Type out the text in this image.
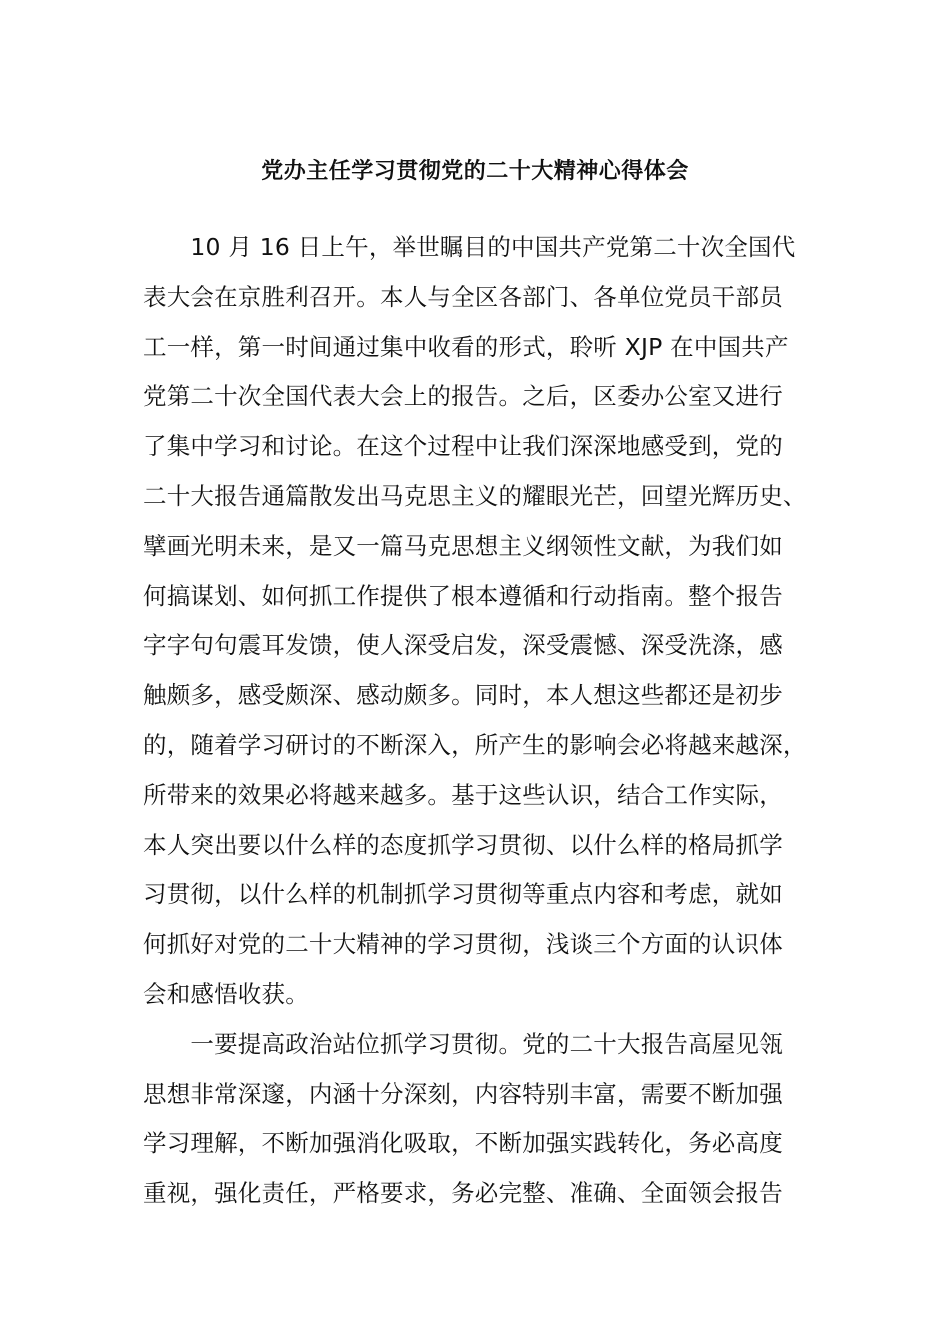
党办主任学习贯彻党的二十大精神心得体会
　　10 月 16 日上午，举世瞩目的中国共产党第二十次全国代
表大会在京胜利召开。本人与全区各部门、各单位党员干部员
工一样，第一时间通过集中收看的形式，聆听 XJP 在中国共产
党第二十次全国代表大会上的报告。之后，区委办公室又进行
了集中学习和讨论。在这个过程中让我们深深地感受到，党的
二十大报告通篇散发出马克思主义的耀眼光芒，回望光辉历史、
擘画光明未来，是又一篇马克思想主义纲领性文献，为我们如
何搞谋划、如何抓工作提供了根本遵循和行动指南。整个报告
字字句句震耳发馈，使人深受启发，深受震憾、深受洗涤，感
触颇多，感受颇深、感动颇多。同时，本人想这些都还是初步
的，随着学习研讨的不断深入，所产生的影响会必将越来越深，
所带来的效果必将越来越多。基于这些认识，结合工作实际，
本人突出要以什么样的态度抓学习贯彻、以什么样的格局抓学
习贯彻，以什么样的机制抓学习贯彻等重点内容和考虑，就如
何抓好对党的二十大精神的学习贯彻，浅谈三个方面的认识体
会和感悟收获。
　　一要提高政治站位抓学习贯彻。党的二十大报告高屋见瓴
思想非常深邃，内涵十分深刻，内容特别丰富，需要不断加强
学习理解，不断加强消化吸取，不断加强实践转化，务必高度
重视，强化责任，严格要求，务必完整、准确、全面领会报告
